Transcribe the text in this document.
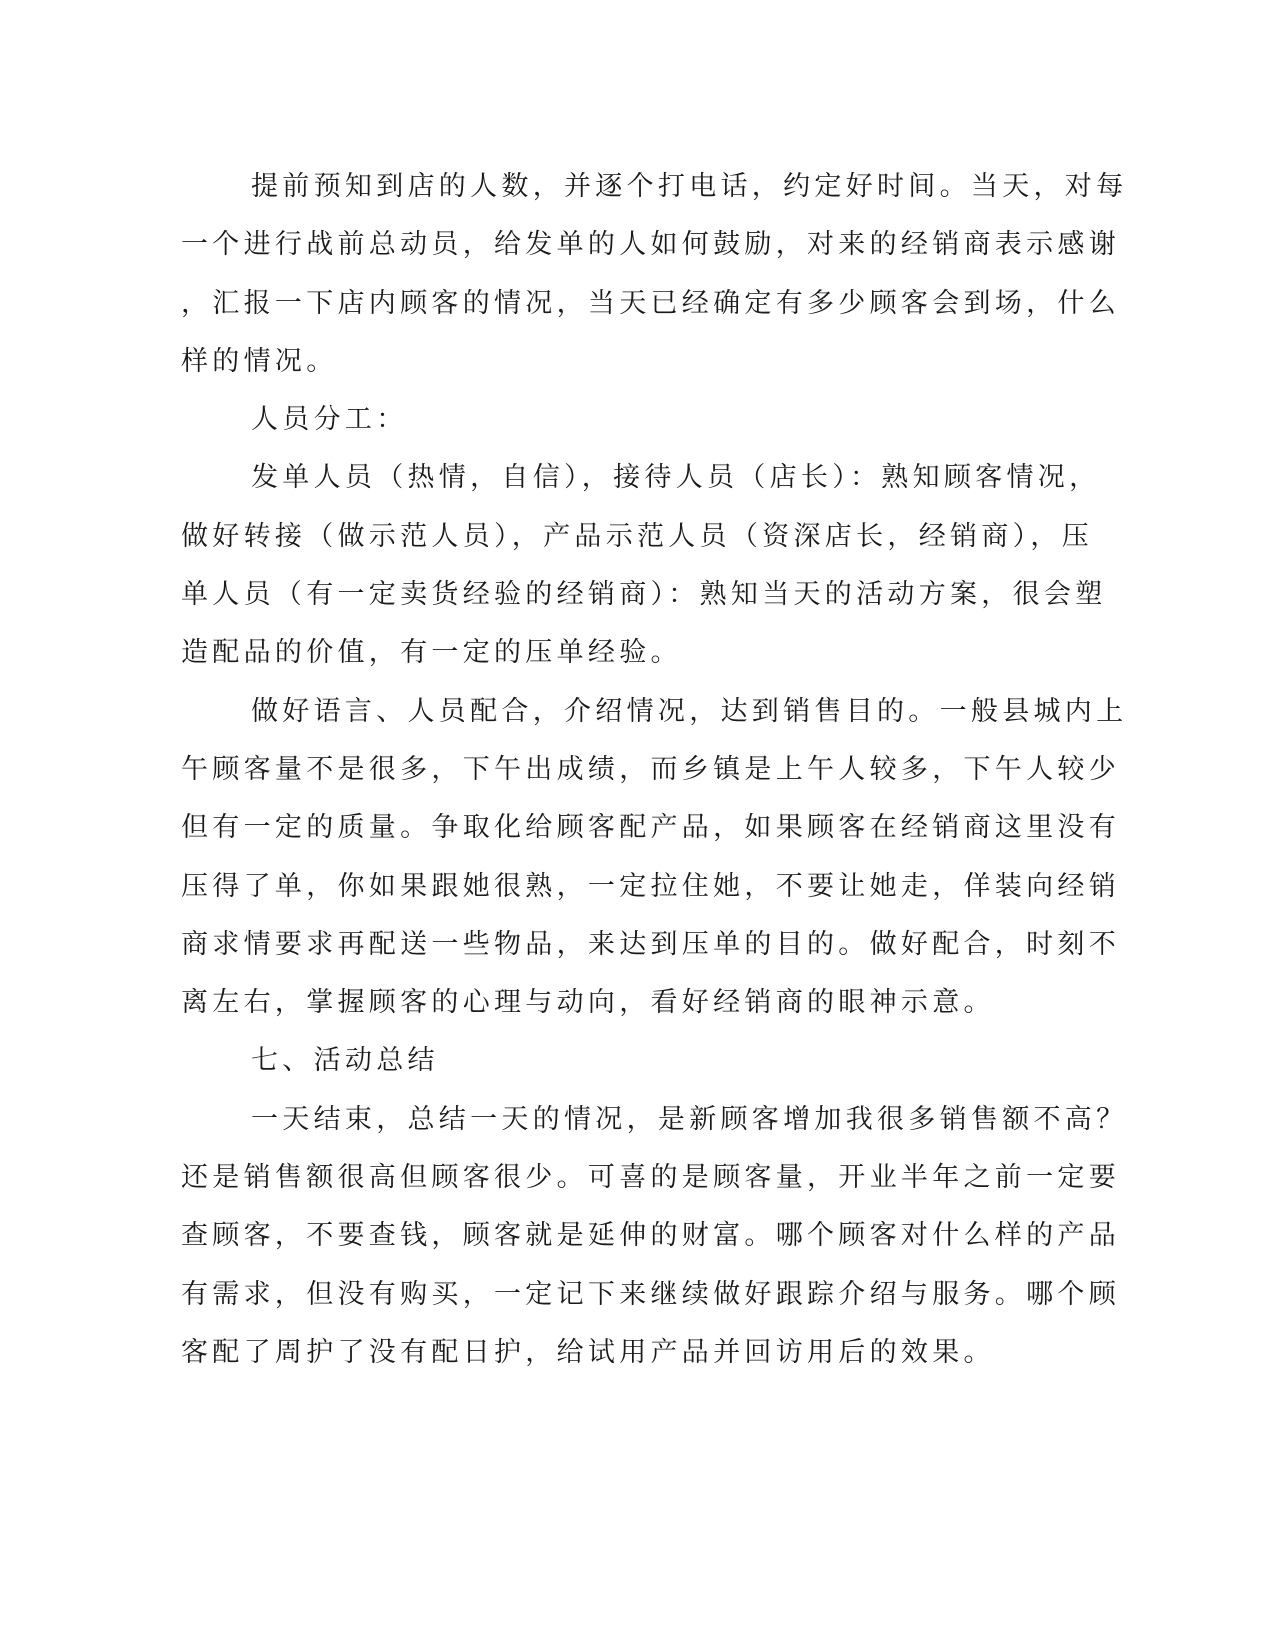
提前预知到店的人数，并逐个打电话，约定好时间。当天，对每
一个进行战前总动员，给发单的人如何鼓励，对来的经销商表示感谢
，汇报一下店内顾客的情况，当天已经确定有多少顾客会到场，什么
样的情况。
人员分工：
发单人员（热情，自信），接待人员（店长）：熟知顾客情况，
做好转接（做示范人员），产品示范人员（资深店长，经销商），压
单人员（有一定卖货经验的经销商）：熟知当天的活动方案，很会塑
造配品的价值，有一定的压单经验。
做好语言、人员配合，介绍情况，达到销售目的。一般县城内上
午顾客量不是很多，下午出成绩，而乡镇是上午人较多，下午人较少
但有一定的质量。争取化给顾客配产品，如果顾客在经销商这里没有
压得了单，你如果跟她很熟，一定拉住她，不要让她走，佯装向经销
商求情要求再配送一些物品，来达到压单的目的。做好配合，时刻不
离左右，掌握顾客的心理与动向，看好经销商的眼神示意。
七、活动总结
一天结束，总结一天的情况，是新顾客增加我很多销售额不高？
还是销售额很高但顾客很少。可喜的是顾客量，开业半年之前一定要
查顾客，不要查钱，顾客就是延伸的财富。哪个顾客对什么样的产品
有需求，但没有购买，一定记下来继续做好跟踪介绍与服务。哪个顾
客配了周护了没有配日护，给试用产品并回访用后的效果。
